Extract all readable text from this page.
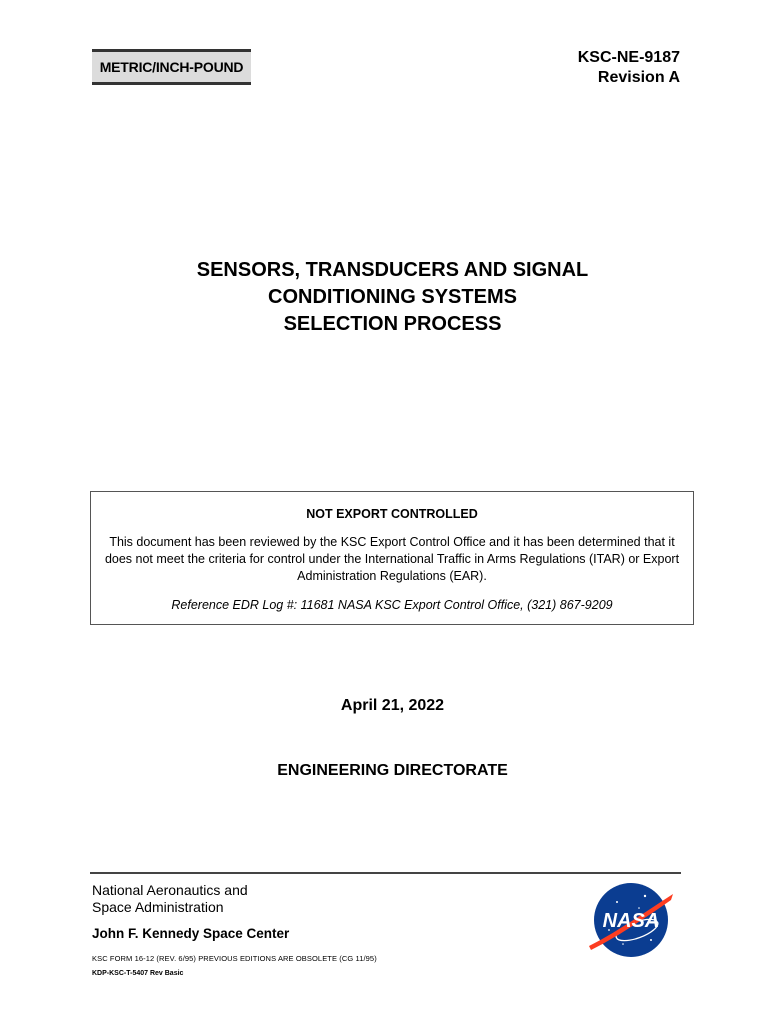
METRIC/INCH-POUND
KSC-NE-9187
Revision A
SENSORS, TRANSDUCERS AND SIGNAL
CONDITIONING SYSTEMS
SELECTION PROCESS
NOT EXPORT CONTROLLED
This document has been reviewed by the KSC Export Control Office and it has been determined that it does not meet the criteria for control under the International Traffic in Arms Regulations (ITAR) or Export Administration Regulations (EAR).
Reference EDR Log #: 11681 NASA KSC Export Control Office, (321) 867-9209
April 21, 2022
ENGINEERING DIRECTORATE
National Aeronautics and
Space Administration
John F. Kennedy Space Center
KSC FORM 16-12 (REV. 6/95) PREVIOUS EDITIONS ARE OBSOLETE (CG 11/95)
KDP-KSC-T-5407 Rev Basic
NASA
